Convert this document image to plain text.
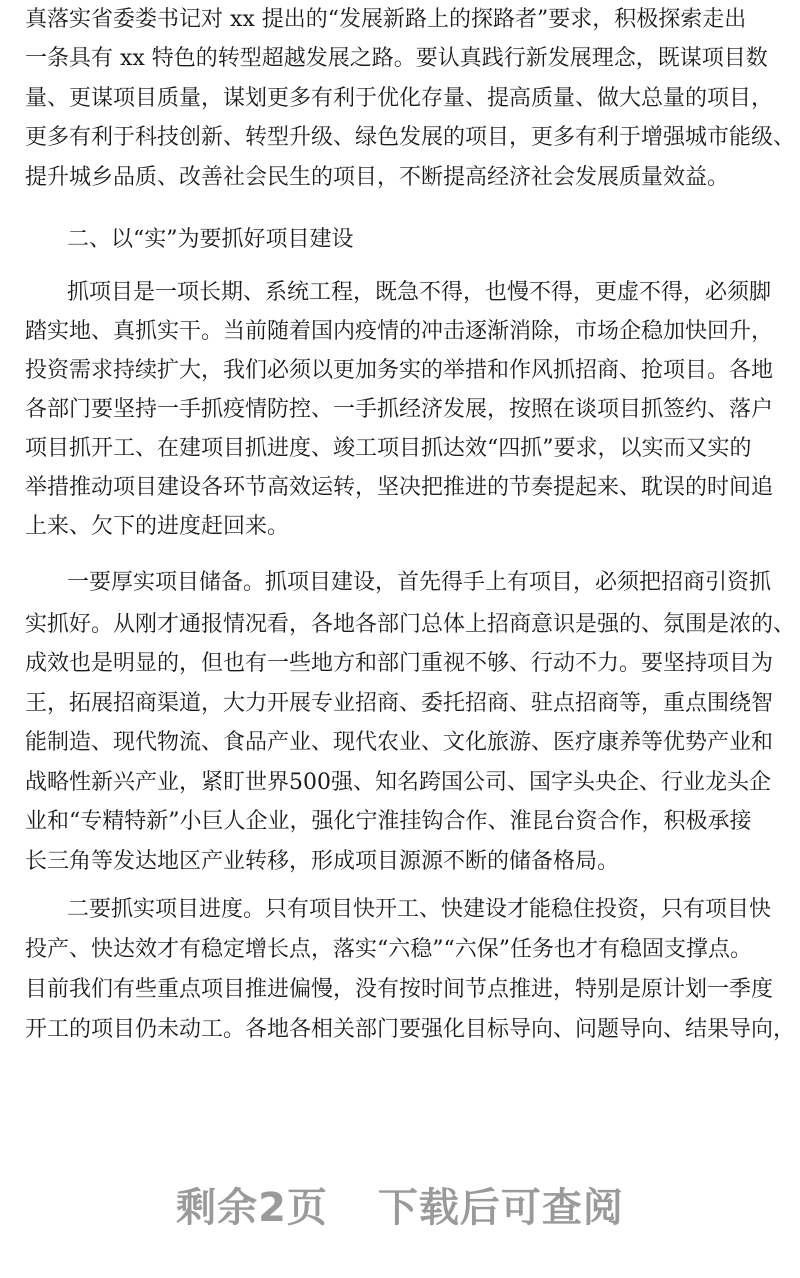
真落实省委娄书记对 xx 提出的“发展新路上的探路者”要求，积极探索走出
一条具有 xx 特色的转型超越发展之路。要认真践行新发展理念，既谋项目数
量、更谋项目质量，谋划更多有利于优化存量、提高质量、做大总量的项目，
更多有利于科技创新、转型升级、绿色发展的项目，更多有利于增强城市能级、
提升城乡品质、改善社会民生的项目，不断提高经济社会发展质量效益。
二、以“实”为要抓好项目建设
抓项目是一项长期、系统工程，既急不得，也慢不得，更虚不得，必须脚
踏实地、真抓实干。当前随着国内疫情的冲击逐渐消除，市场企稳加快回升，
投资需求持续扩大，我们必须以更加务实的举措和作风抓招商、抢项目。各地
各部门要坚持一手抓疫情防控、一手抓经济发展，按照在谈项目抓签约、落户
项目抓开工、在建项目抓进度、竣工项目抓达效“四抓”要求，以实而又实的
举措推动项目建设各环节高效运转，坚决把推进的节奏提起来、耽误的时间追
上来、欠下的进度赶回来。
一要厚实项目储备。抓项目建设，首先得手上有项目，必须把招商引资抓
实抓好。从刚才通报情况看，各地各部门总体上招商意识是强的、氛围是浓的、
成效也是明显的，但也有一些地方和部门重视不够、行动不力。要坚持项目为
王，拓展招商渠道，大力开展专业招商、委托招商、驻点招商等，重点围绕智
能制造、现代物流、食品产业、现代农业、文化旅游、医疗康养等优势产业和
战略性新兴产业，紧盯世界500强、知名跨国公司、国字头央企、行业龙头企
业和“专精特新”小巨人企业，强化宁淮挂钩合作、淮昆台资合作，积极承接
长三角等发达地区产业转移，形成项目源源不断的储备格局。
二要抓实项目进度。只有项目快开工、快建设才能稳住投资，只有项目快
投产、快达效才有稳定增长点，落实“六稳”“六保”任务也才有稳固支撑点。
目前我们有些重点项目推进偏慢，没有按时间节点推进，特别是原计划一季度
开工的项目仍未动工。各地各相关部门要强化目标导向、问题导向、结果导向，
剩余2页 下载后可查阅
